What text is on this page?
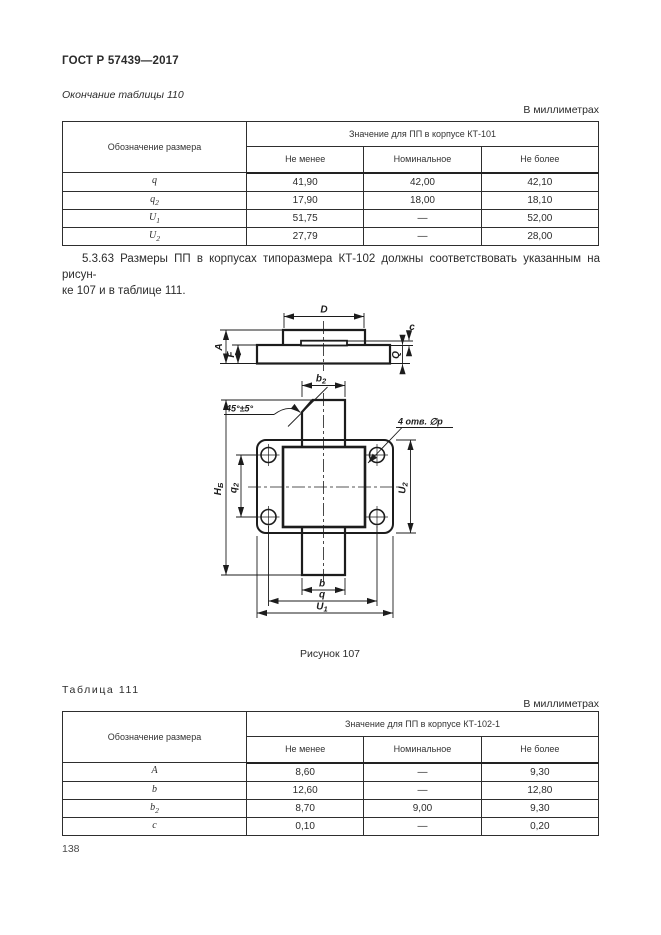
ГОСТ Р 57439—2017
Окончание таблицы 110
В миллиметрах
Обозначение размера	Значение для ПП в корпусе КТ-101		
	Не менее	Номинальное	Не более
q	41,90	42,00	42,10
$q_2$	17,90	18,00	18,10
$U_1$	51,75	—	52,00
$U_2$	27,79	—	28,00
5.3.63 Размеры ПП в корпусах типоразмера КТ-102 должны соответствовать указанным на рисун-
ке 107 и в таблице 111.
D
A
F
c
Q
$b_2$
45°±5°
4 отв. ∅p
$H_Б$
$q_2$
$U_2$
b
q
$U_1$
Рисунок 107
Таблица 111
В миллиметрах
Обозначение размера	Значение для ПП в корпусе КТ-102-1		
	Не менее	Номинальное	Не более
A	8,60	—	9,30
b	12,60	—	12,80
$b_2$	8,70	9,00	9,30
c	0,10	—	0,20
138
